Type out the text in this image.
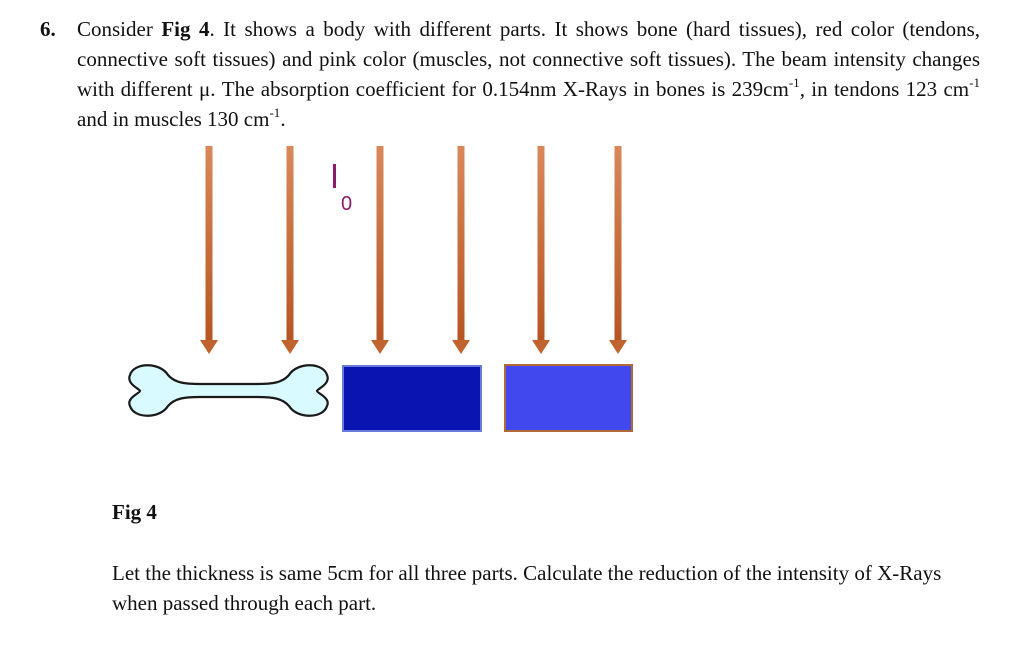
6. Consider Fig 4. It shows a body with different parts. It shows bone (hard tissues), red color (tendons, connective soft tissues) and pink color (muscles, not connective soft tissues). The beam intensity changes with different μ. The absorption coefficient for 0.154nm X-Rays in bones is $239cm^{-1}$, in tendons 123 $cm^{-1}$ and in muscles 130 $cm^{-1}$.

0
Fig 4
Let the thickness is same 5cm for all three parts. Calculate the reduction of the intensity of X-Rays when passed through each part.
